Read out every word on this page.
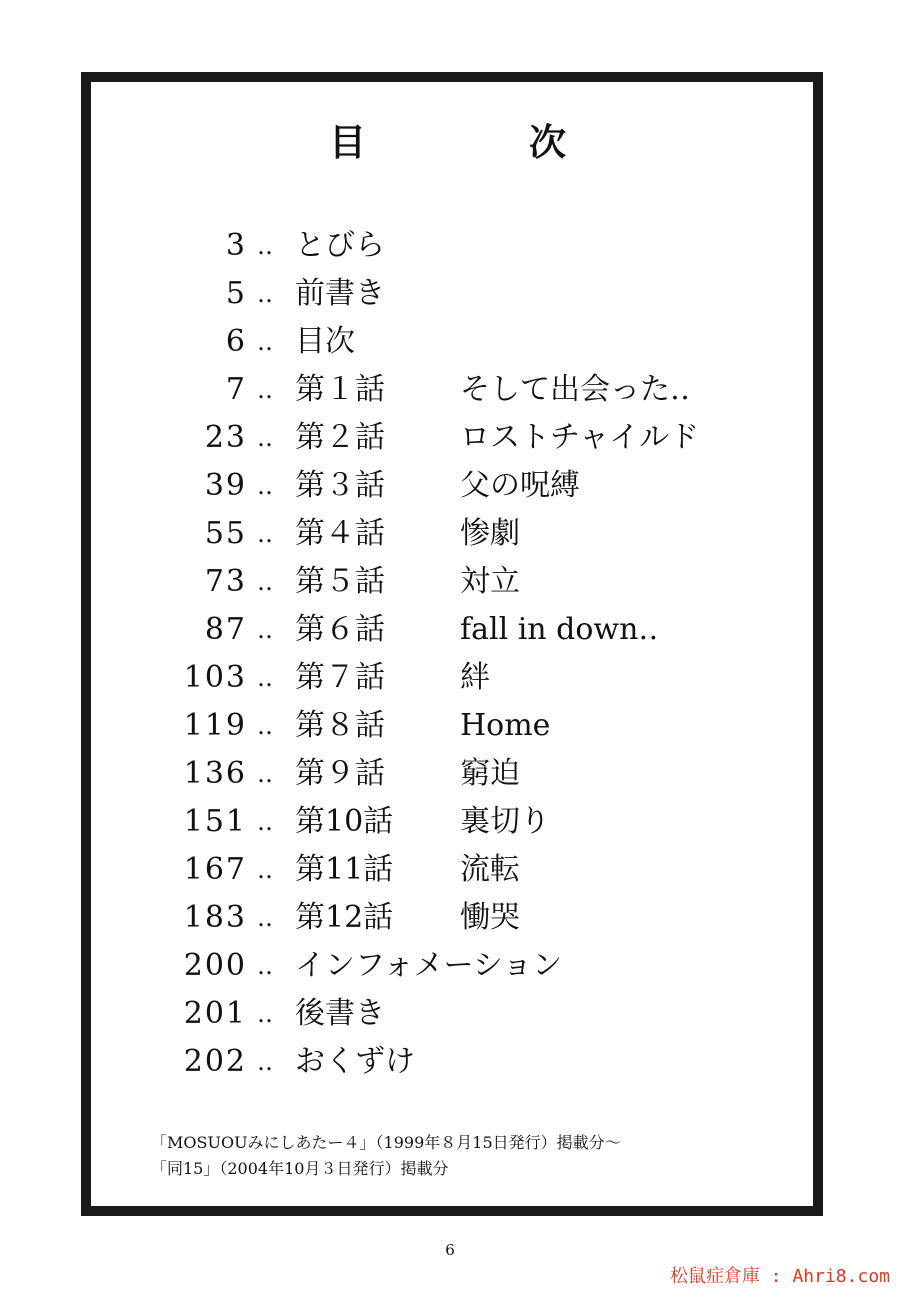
目	次
3 ‥ とびら
5 ‥ 前書き
6 ‥ 目次
7 ‥ 第１話	そして出会った‥
23 ‥ 第２話	ロストチャイルド
39 ‥ 第３話	父の呪縛
55 ‥ 第４話	惨劇
73 ‥ 第５話	対立
87 ‥ 第６話	fall in down‥
103 ‥ 第７話	絆
119 ‥ 第８話	Home
136 ‥ 第９話	窮迫
151 ‥ 第10話 裏切り
167 ‥ 第11話 流転
183 ‥ 第12話 慟哭
200 ‥ インフォメーション
201 ‥ 後書き
202 ‥ おくずけ
「MOSUOUみにしあたー４」（1999年８月15日発行）掲載分～
「同15」（2004年10月３日発行）掲載分
6
松鼠症倉庫 : Ahri8.com
